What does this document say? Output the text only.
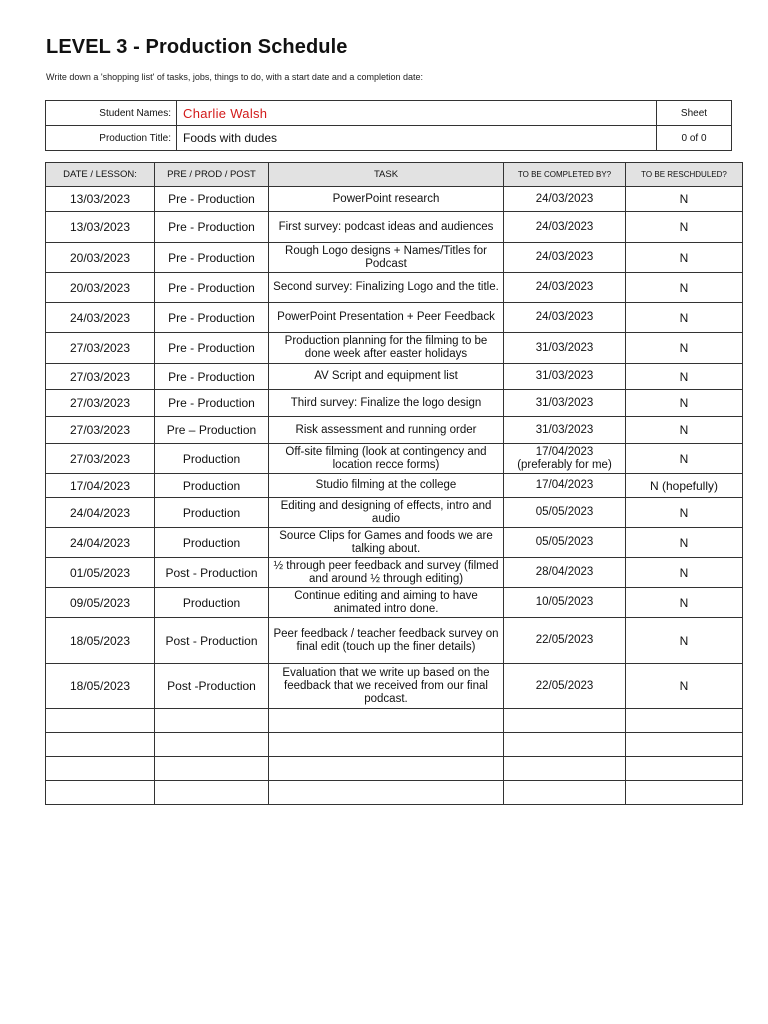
LEVEL 3 - Production Schedule
Write down a 'shopping list' of tasks, jobs, things to do, with a start date and a completion date:
Student Names:	Charlie Walsh	Sheet
Production Title:	Foods with dudes	0 of 0
DATE / LESSON:	PRE / PROD / POST	TASK	TO BE COMPLETED BY?	TO BE RESCHDULED?
13/03/2023	Pre - Production	PowerPoint research	24/03/2023	N
13/03/2023	Pre - Production	First survey: podcast ideas and audiences	24/03/2023	N
20/03/2023	Pre - Production	Rough Logo designs + Names/Titles for Podcast	24/03/2023	N
20/03/2023	Pre - Production	Second survey: Finalizing Logo and the title.	24/03/2023	N
24/03/2023	Pre - Production	PowerPoint Presentation + Peer Feedback	24/03/2023	N
27/03/2023	Pre - Production	Production planning for the filming to be done week after easter holidays	31/03/2023	N
27/03/2023	Pre - Production	AV Script and equipment list	31/03/2023	N
27/03/2023	Pre - Production	Third survey: Finalize the logo design	31/03/2023	N
27/03/2023	Pre – Production	Risk assessment and running order	31/03/2023	N
27/03/2023	Production	Off-site filming (look at contingency and location recce forms)	17/04/2023 (preferably for me)	N
17/04/2023	Production	Studio filming at the college	17/04/2023	N (hopefully)
24/04/2023	Production	Editing and designing of effects, intro and audio	05/05/2023	N
24/04/2023	Production	Source Clips for Games and foods we are talking about.	05/05/2023	N
01/05/2023	Post - Production	½ through peer feedback and survey (filmed and around ½ through editing)	28/04/2023	N
09/05/2023	Production	Continue editing and aiming to have animated intro done.	10/05/2023	N
18/05/2023	Post - Production	Peer feedback / teacher feedback survey on final edit (touch up the finer details)	22/05/2023	N
18/05/2023	Post -Production	Evaluation that we write up based on the feedback that we received from our final podcast.	22/05/2023	N
